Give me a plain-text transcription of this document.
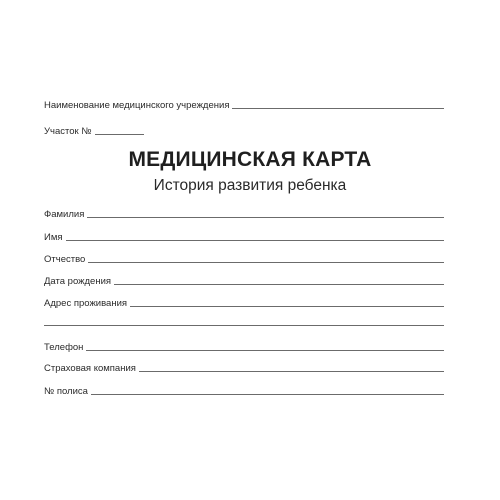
Наименование медицинского учреждения
Участок №
МЕДИЦИНСКАЯ КАРТА
История развития ребенка
Фамилия
Имя
Отчество
Дата рождения
Адрес проживания
Телефон
Страховая компания
№ полиса
